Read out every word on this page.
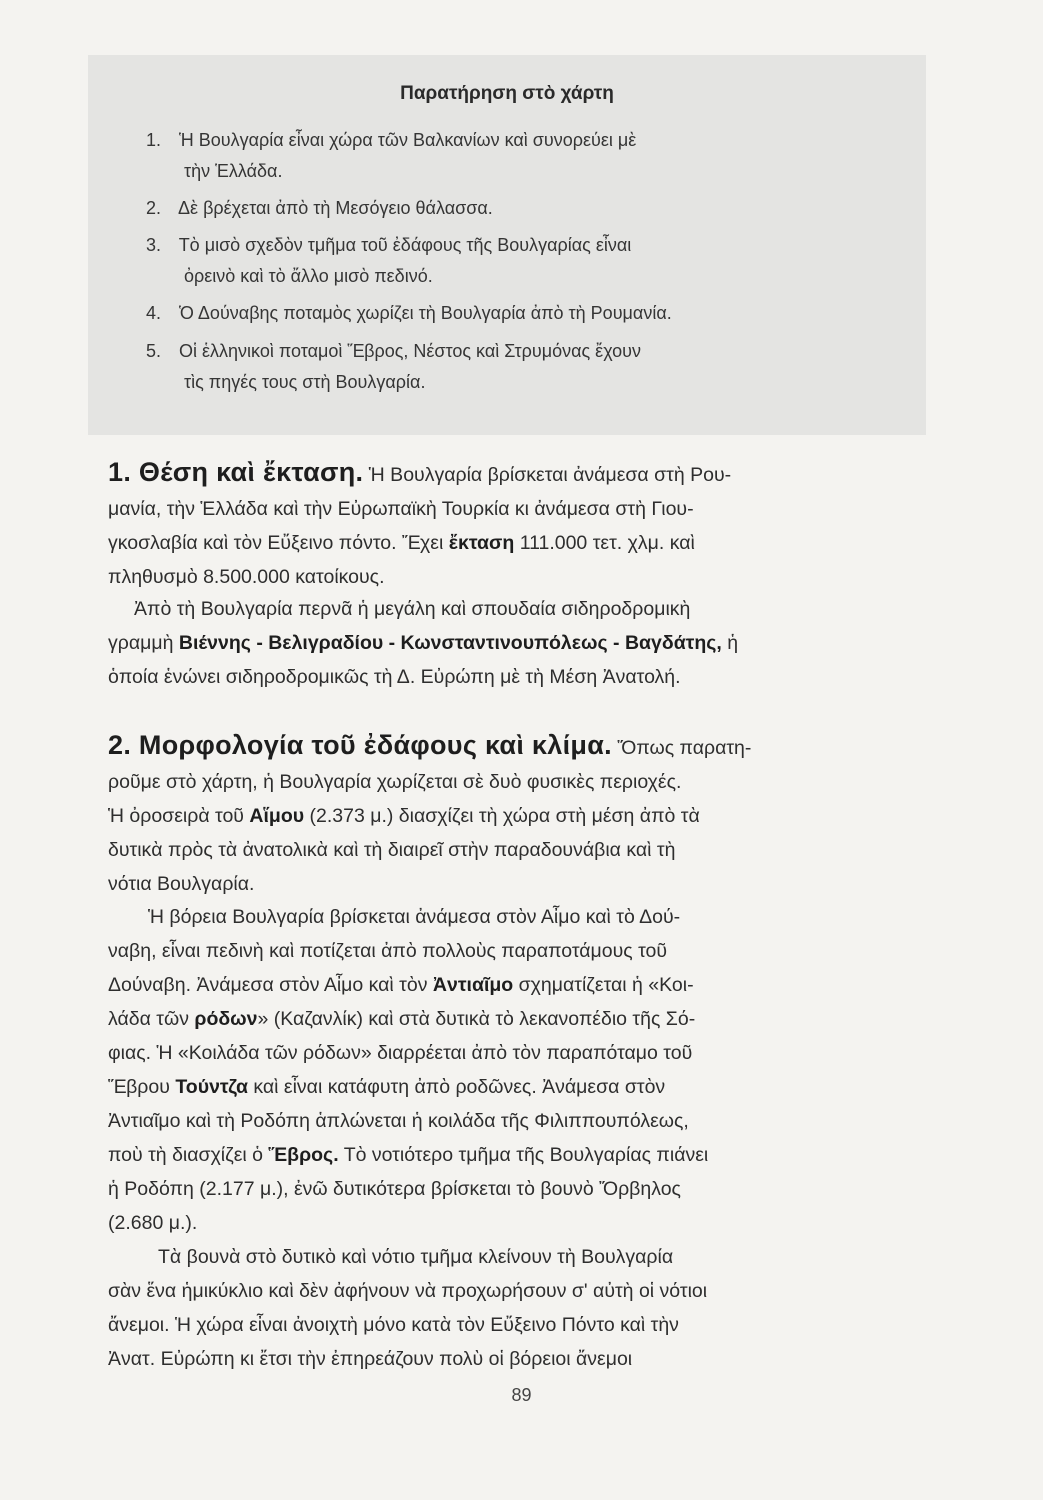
Παρατήρηση στὸ χάρτη
1. Ἡ Βουλγαρία εἶναι χώρα τῶν Βαλκανίων καὶ συνορεύει μὲ
τὴν Ἑλλάδα.
2. Δὲ βρέχεται ἀπὸ τὴ Μεσόγειο θάλασσα.
3. Τὸ μισὸ σχεδὸν τμῆμα τοῦ ἐδάφους τῆς Βουλγαρίας εἶναι
ὀρεινὸ καὶ τὸ ἄλλο μισὸ πεδινό.
4. Ὁ Δούναβης ποταμὸς χωρίζει τὴ Βουλγαρία ἀπὸ τὴ Ρουμανία.
5. Οἱ ἑλληνικοὶ ποταμοὶ Ἕβρος, Νέστος καὶ Στρυμόνας ἔχουν
τὶς πηγές τους στὴ Βουλγαρία.
1. Θέση καὶ ἔκταση. Ἡ Βουλγαρία βρίσκεται ἀνάμεσα στὴ Ρου-
μανία, τὴν Ἑλλάδα καὶ τὴν Εὐρωπαϊκὴ Τουρκία κι ἀνάμεσα στὴ Γιου-
γκοσλαβία καὶ τὸν Εὔξεινο πόντο. Ἔχει ἔκταση 111.000 τετ. χλμ. καὶ
πληθυσμὸ 8.500.000 κατοίκους.
Ἀπὸ τὴ Βουλγαρία περνᾶ ἡ μεγάλη καὶ σπουδαία σιδηροδρομικὴ
γραμμὴ Βιέννης - Βελιγραδίου - Κωνσταντινουπόλεως - Βαγδάτης, ἡ
ὁποία ἑνώνει σιδηροδρομικῶς τὴ Δ. Εὐρώπη μὲ τὴ Μέση Ἀνατολή.
2. Μορφολογία τοῦ ἐδάφους καὶ κλίμα. Ὅπως παρατη-
ροῦμε στὸ χάρτη, ἡ Βουλγαρία χωρίζεται σὲ δυὸ φυσικὲς περιοχές.
Ἡ ὀροσειρὰ τοῦ Αἵμου (2.373 μ.) διασχίζει τὴ χώρα στὴ μέση ἀπὸ τὰ
δυτικὰ πρὸς τὰ ἀνατολικὰ καὶ τὴ διαιρεῖ στὴν παραδουνάβια καὶ τὴ
νότια Βουλγαρία.
Ἡ βόρεια Βουλγαρία βρίσκεται ἀνάμεσα στὸν Αἶμο καὶ τὸ Δού-
ναβη, εἶναι πεδινὴ καὶ ποτίζεται ἀπὸ πολλοὺς παραποτάμους τοῦ
Δούναβη. Ἀνάμεσα στὸν Αἶμο καὶ τὸν Ἀντιαῖμο σχηματίζεται ἡ «Κοι-
λάδα τῶν ρόδων» (Καζανλίκ) καὶ στὰ δυτικὰ τὸ λεκανοπέδιο τῆς Σό-
φιας. Ἡ «Κοιλάδα τῶν ρόδων» διαρρέεται ἀπὸ τὸν παραπόταμο τοῦ
Ἕβρου Τούντζα καὶ εἶναι κατάφυτη ἀπὸ ροδῶνες. Ἀνάμεσα στὸν
Ἀντιαῖμο καὶ τὴ Ροδόπη ἁπλώνεται ἡ κοιλάδα τῆς Φιλιππουπόλεως,
ποὺ τὴ διασχίζει ὁ Ἕβρος. Τὸ νοτιότερο τμῆμα τῆς Βουλγαρίας πιάνει
ἡ Ροδόπη (2.177 μ.), ἐνῶ δυτικότερα βρίσκεται τὸ βουνὸ Ὄρβηλος
(2.680 μ.).
Τὰ βουνὰ στὸ δυτικὸ καὶ νότιο τμῆμα κλείνουν τὴ Βουλγαρία
σὰν ἕνα ἡμικύκλιο καὶ δὲν ἀφήνουν νὰ προχωρήσουν σ' αὐτὴ οἱ νότιοι
ἄνεμοι. Ἡ χώρα εἶναι ἀνοιχτὴ μόνο κατὰ τὸν Εὔξεινο Πόντο καὶ τὴν
Ἀνατ. Εὐρώπη κι ἔτσι τὴν ἐπηρεάζουν πολὺ οἱ βόρειοι ἄνεμοι
89
